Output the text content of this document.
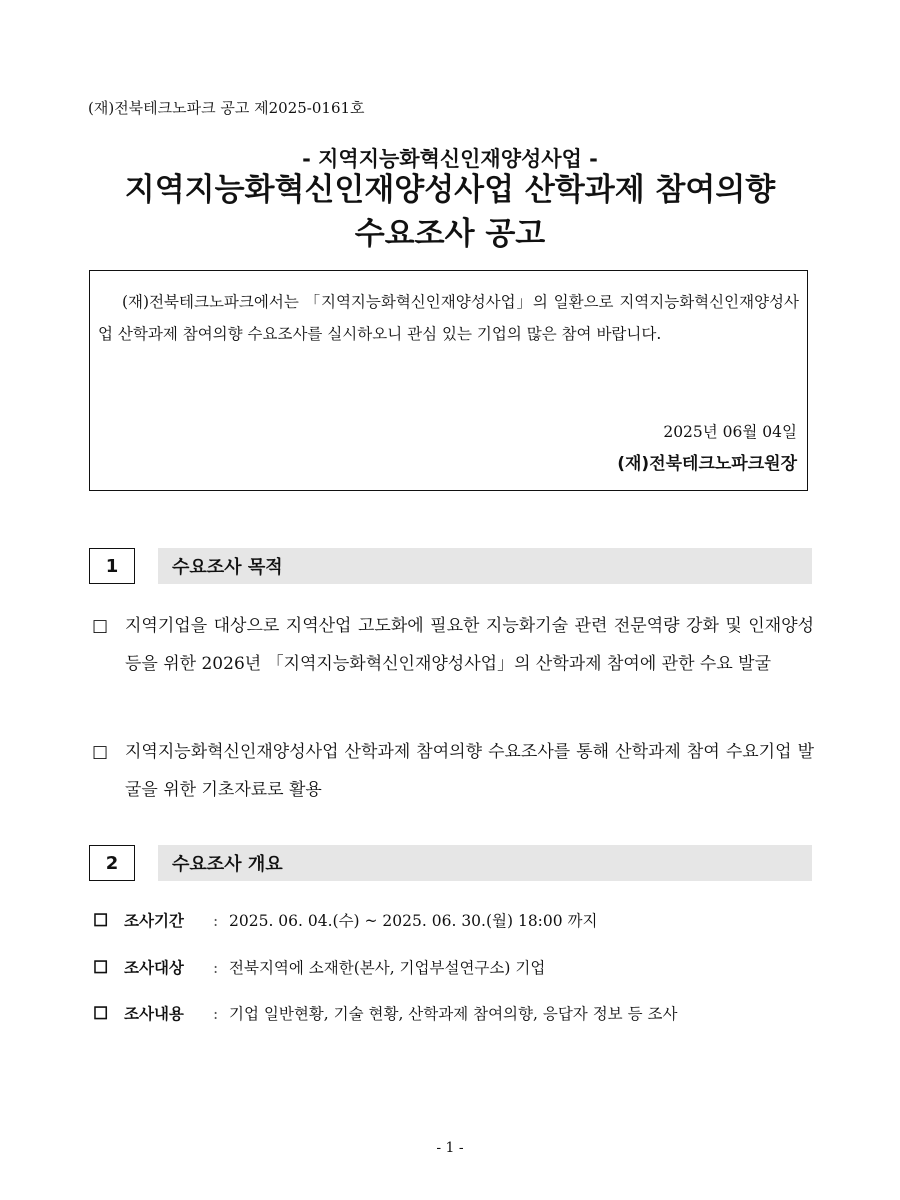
(재)전북테크노파크 공고 제2025-0161호
- 지역지능화혁신인재양성사업 -
지역지능화혁신인재양성사업 산학과제 참여의향
수요조사 공고
(재)전북테크노파크에서는 「지역지능화혁신인재양성사업」의 일환으로 지역지능화혁신인재양성사업 산학과제 참여의향 수요조사를 실시하오니 관심 있는 기업의 많은 참여 바랍니다.
2025년 06월 04일
(재)전북테크노파크원장
1	수요조사 목적
□ 지역기업을 대상으로 지역산업 고도화에 필요한 지능화기술 관련 전문역량 강화 및 인재양성 등을 위한 2026년 「지역지능화혁신인재양성사업」의 산학과제 참여에 관한 수요 발굴
□ 지역지능화혁신인재양성사업 산학과제 참여의향 수요조사를 통해 산학과제 참여 수요기업 발굴을 위한 기초자료로 활용
2	수요조사 개요
☐ 조사기간 : 2025. 06. 04.(수) ~ 2025. 06. 30.(월) 18:00 까지
☐ 조사대상 : 전북지역에 소재한(본사, 기업부설연구소) 기업
☐ 조사내용 : 기업 일반현황, 기술 현황, 산학과제 참여의향, 응답자 정보 등 조사
- 1 -
